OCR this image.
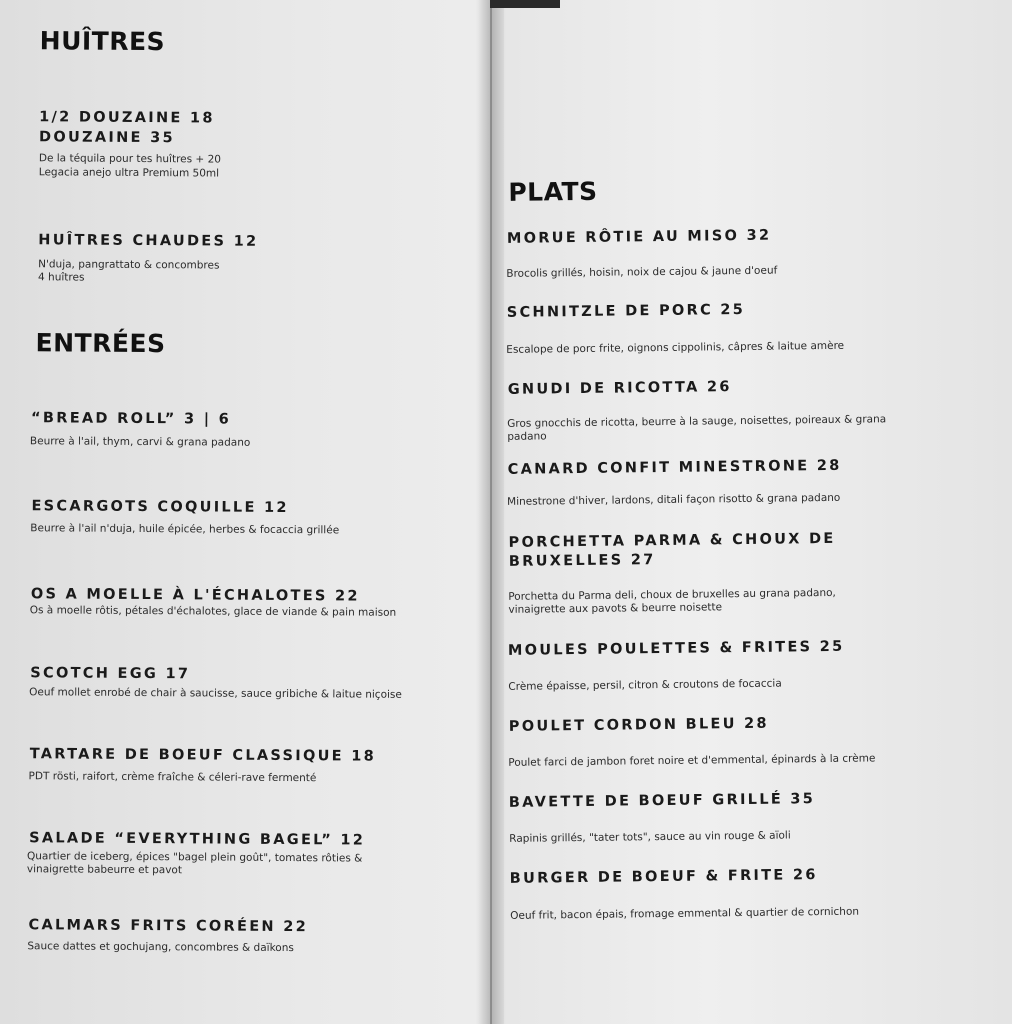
HUÎTRES

1/2 DOUZAINE 18

DOUZAINE 35

De la téquila pour tes huîtres + 20

Legacia anejo ultra Premium 50ml

HUÎTRES CHAUDES 12

N'duja, pangrattato & concombres

4 huîtres

ENTRÉES

“BREAD ROLL” 3 | 6

Beurre à l'ail, thym, carvi & grana padano

ESCARGOTS COQUILLE 12

Beurre à l'ail n'duja, huile épicée, herbes & focaccia grillée

OS A MOELLE À L'ÉCHALOTES 22

Os à moelle rôtis, pétales d'échalotes, glace de viande & pain maison

SCOTCH EGG 17

Oeuf mollet enrobé de chair à saucisse, sauce gribiche & laitue niçoise

TARTARE DE BOEUF CLASSIQUE 18

PDT rösti, raifort, crème fraîche & céleri-rave fermenté

SALADE “EVERYTHING BAGEL” 12

Quartier de iceberg, épices "bagel plein goût", tomates rôties &

vinaigrette babeurre et pavot

CALMARS FRITS CORÉEN 22

Sauce dattes et gochujang, concombres & daïkons

PLATS

MORUE RÔTIE AU MISO 32

Brocolis grillés, hoisin, noix de cajou & jaune d'oeuf

SCHNITZLE DE PORC 25

Escalope de porc frite, oignons cippolinis, câpres & laitue amère

GNUDI DE RICOTTA 26

Gros gnocchis de ricotta, beurre à la sauge, noisettes, poireaux & grana

padano

CANARD CONFIT MINESTRONE 28

Minestrone d'hiver, lardons, ditali façon risotto & grana padano

PORCHETTA PARMA & CHOUX DE

BRUXELLES 27

Porchetta du Parma deli, choux de bruxelles au grana padano,

vinaigrette aux pavots & beurre noisette

MOULES POULETTES & FRITES 25

Crème épaisse, persil, citron & croutons de focaccia

POULET CORDON BLEU 28

Poulet farci de jambon foret noire et d'emmental, épinards à la crème

BAVETTE DE BOEUF GRILLÉ 35

Rapinis grillés, "tater tots", sauce au vin rouge & aïoli

BURGER DE BOEUF & FRITE 26

Oeuf frit, bacon épais, fromage emmental & quartier de cornichon
